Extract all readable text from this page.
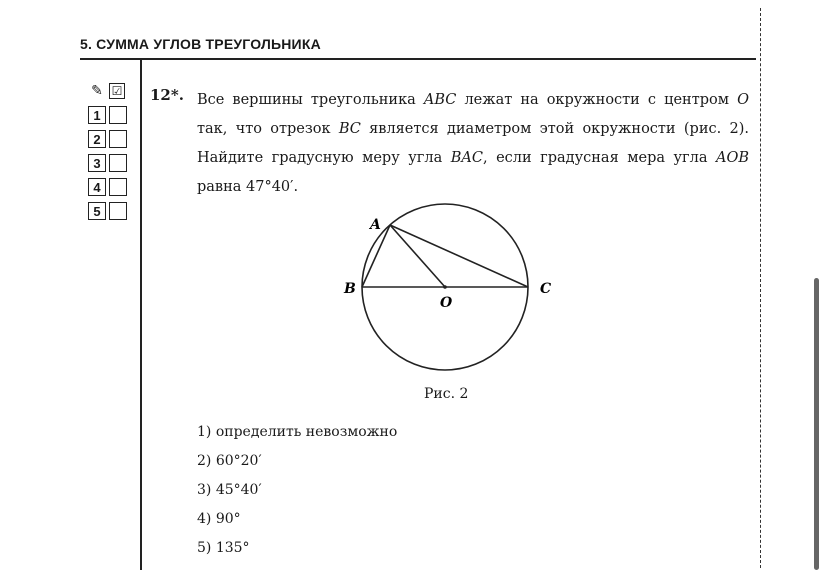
5. СУММА УГЛОВ ТРЕУГОЛЬНИКА
✎ ☑
1
2
3
4
5
12*. Все вершины треугольника ABC лежат на окружности с центром O так, что отрезок BC является диаметром этой окружности (рис. 2). Найдите градусную меру угла BAC, если градусная мера угла AOB равна 47°40′.
A
B	C
O
Рис. 2
1) определить невозможно
2) 60°20′
3) 45°40′
4) 90°
5) 135°
